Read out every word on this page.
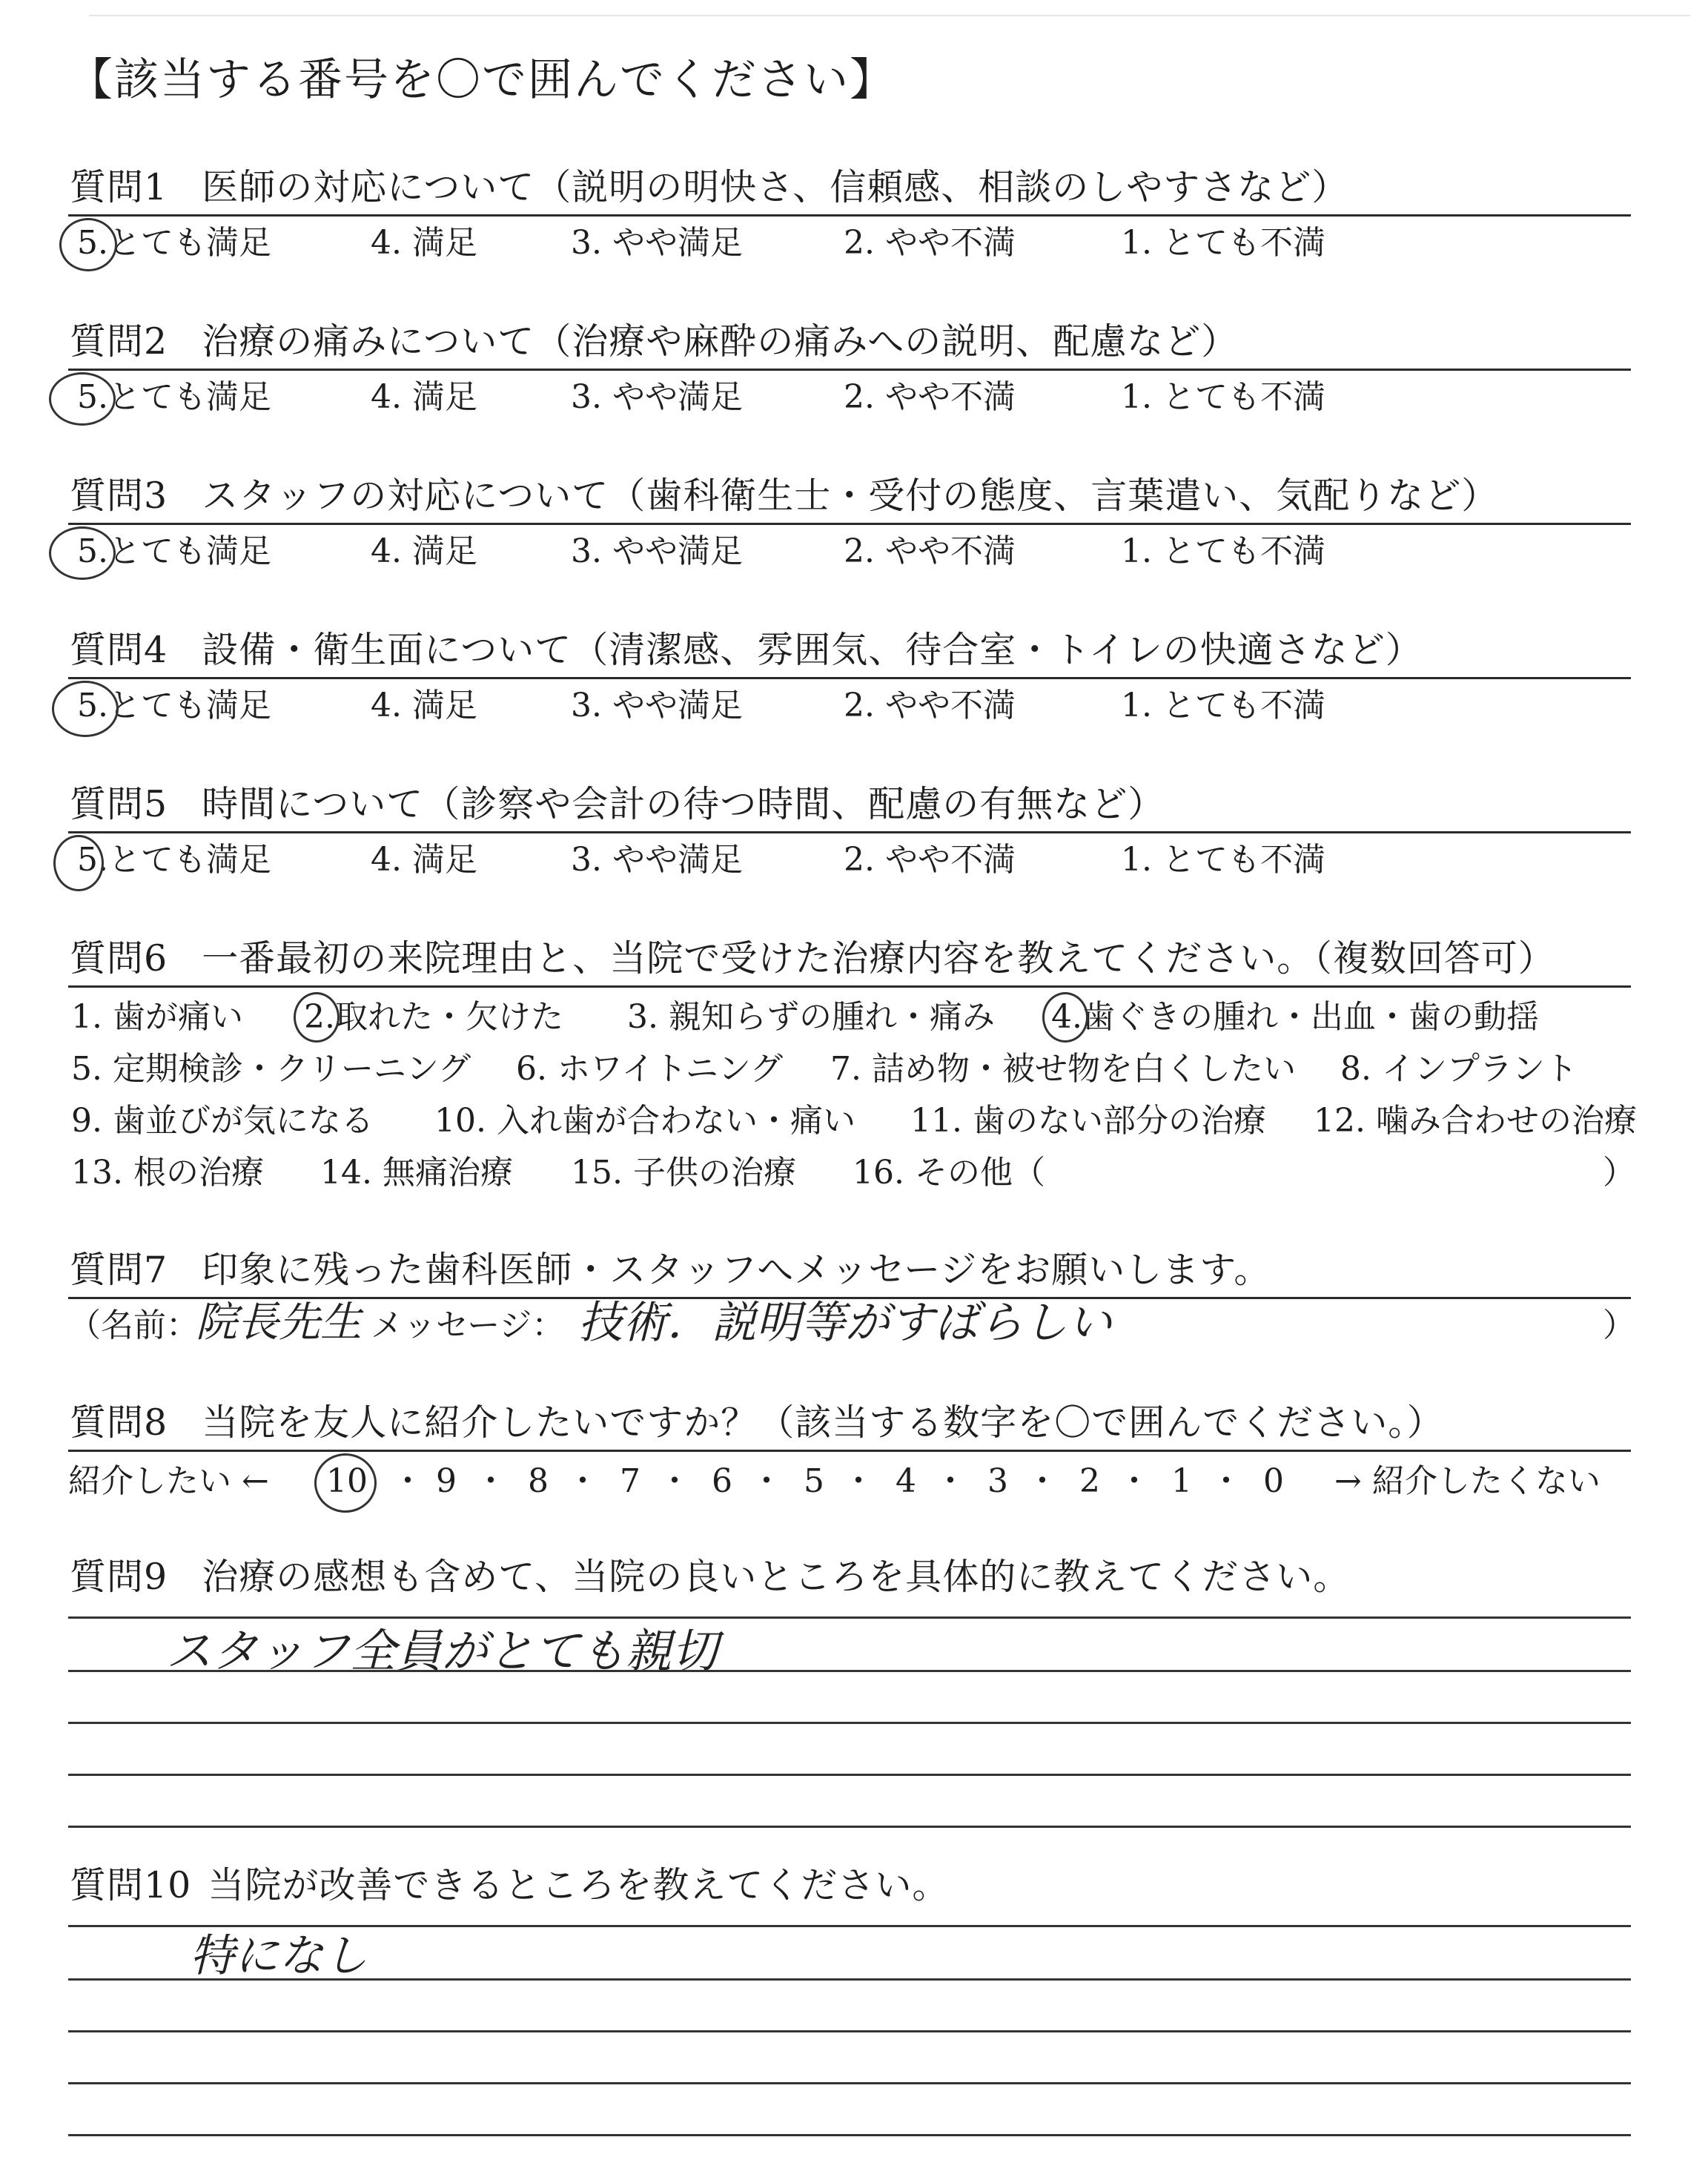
【該当する番号を〇で囲んでください】
質問1 医師の対応について（説明の明快さ、信頼感、相談のしやすさなど）
5.とても満足	4. 満足	3. やや満足	2. やや不満	1. とても不満
質問2 治療の痛みについて（治療や麻酔の痛みへの説明、配慮など）
5.とても満足	4. 満足	3. やや満足	2. やや不満	1. とても不満
質問3 スタッフの対応について（歯科衛生士・受付の態度、言葉遣い、気配りなど）
5.とても満足	4. 満足	3. やや満足	2. やや不満	1. とても不満
質問4 設備・衛生面について（清潔感、雰囲気、待合室・トイレの快適さなど）
5.とても満足	4. 満足	3. やや満足	2. やや不満	1. とても不満
質問5 時間について（診察や会計の待つ時間、配慮の有無など）
5.とても満足	4. 満足	3. やや満足	2. やや不満	1. とても不満
質問6 一番最初の来院理由と、当院で受けた治療内容を教えてください。（複数回答可）
1. 歯が痛い 2.取れた・欠けた 3. 親知らずの腫れ・痛み 4.歯ぐきの腫れ・出血・歯の動揺
5. 定期検診・クリーニング 6. ホワイトニング 7. 詰め物・被せ物を白くしたい 8. インプラント
9. 歯並びが気になる 10. 入れ歯が合わない・痛い 11. 歯のない部分の治療 12. 噛み合わせの治療
13. 根の治療 14. 無痛治療 15. 子供の治療 16. その他（	）
質問7 印象に残った歯科医師・スタッフへメッセージをお願いします。
（名前：
院長先生 メッセージ： 技術．説明等がすばらしい	）
質問8 当院を友人に紹介したいですか？（該当する数字を〇で囲んでください。）
紹介したい ← 10 ・ 9 ・ 8 ・ 7 ・ 6 ・ 5 ・ 4 ・ 3 ・ 2 ・ 1 ・ 0 → 紹介したくない
質問9 治療の感想も含めて、当院の良いところを具体的に教えてください。
スタッフ全員がとても親切
質問10 当院が改善できるところを教えてください。
特になし
